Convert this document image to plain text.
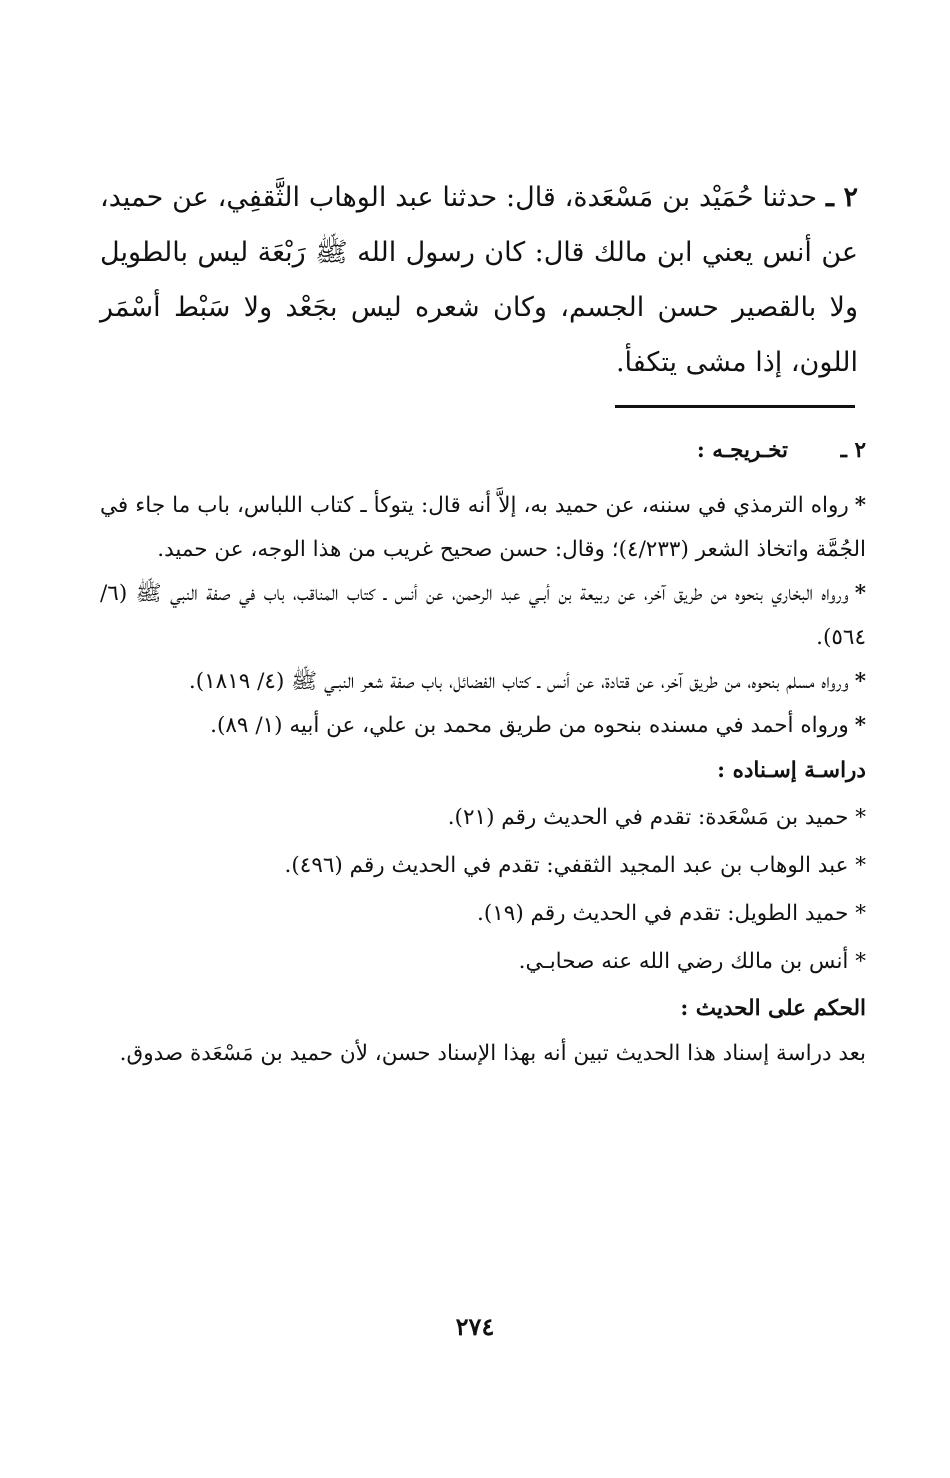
٢ ـ حدثنا حُمَيْد بن مَسْعَدة، قال: حدثنا عبد الوهاب الثَّقفِي، عن حميد، عن أنس يعني ابن مالك قال: كان رسول الله ﷺ رَبْعَة ليس بالطويل ولا بالقصير حسن الجسم، وكان شعره ليس بجَعْد ولا سَبْط أسْمَر اللون، إذا مشى يتكفأ.

٢ ـ
تخـريجـه :

*رواه الترمذي في سننه، عن حميد به، إلاَّ أنه قال: يتوكأ ـ كتاب اللباس، باب ما جاء في الجُمَّة واتخاذ الشعر (٤/٢٣٣)؛ وقال: حسن صحيح غريب من هذا الوجه، عن حميد.

*ورواه البخاري بنحوه من طريق آخر، عن ربيعة بن أبـي عبد الرحمن، عن أنس ـ كتاب المناقب، باب في صفة النبي ﷺ (٦/ ٥٦٤).

*ورواه مسلم بنحوه، من طريق آخر، عن قتادة، عن أنس ـ كتاب الفضائل، باب صفة شعر النبـي ﷺ (٤/ ١٨١٩).

*ورواه أحمد في مسنده بنحوه من طريق محمد بن علي، عن أبيه (١/ ٨٩).

دراسـة إسـناده :

* حميد بن مَسْعَدة: تقدم في الحديث رقم (٢١).

* عبد الوهاب بن عبد المجيد الثقفي: تقدم في الحديث رقم (٤٩٦).

* حميد الطويل: تقدم في الحديث رقم (١٩).

* أنس بن مالك رضي الله عنه صحابـي.

الحكم على الحديث :

بعد دراسة إسناد هذا الحديث تبين أنه بهذا الإسناد حسن، لأن حميد بن مَسْعَدة صدوق.

٢٧٤
